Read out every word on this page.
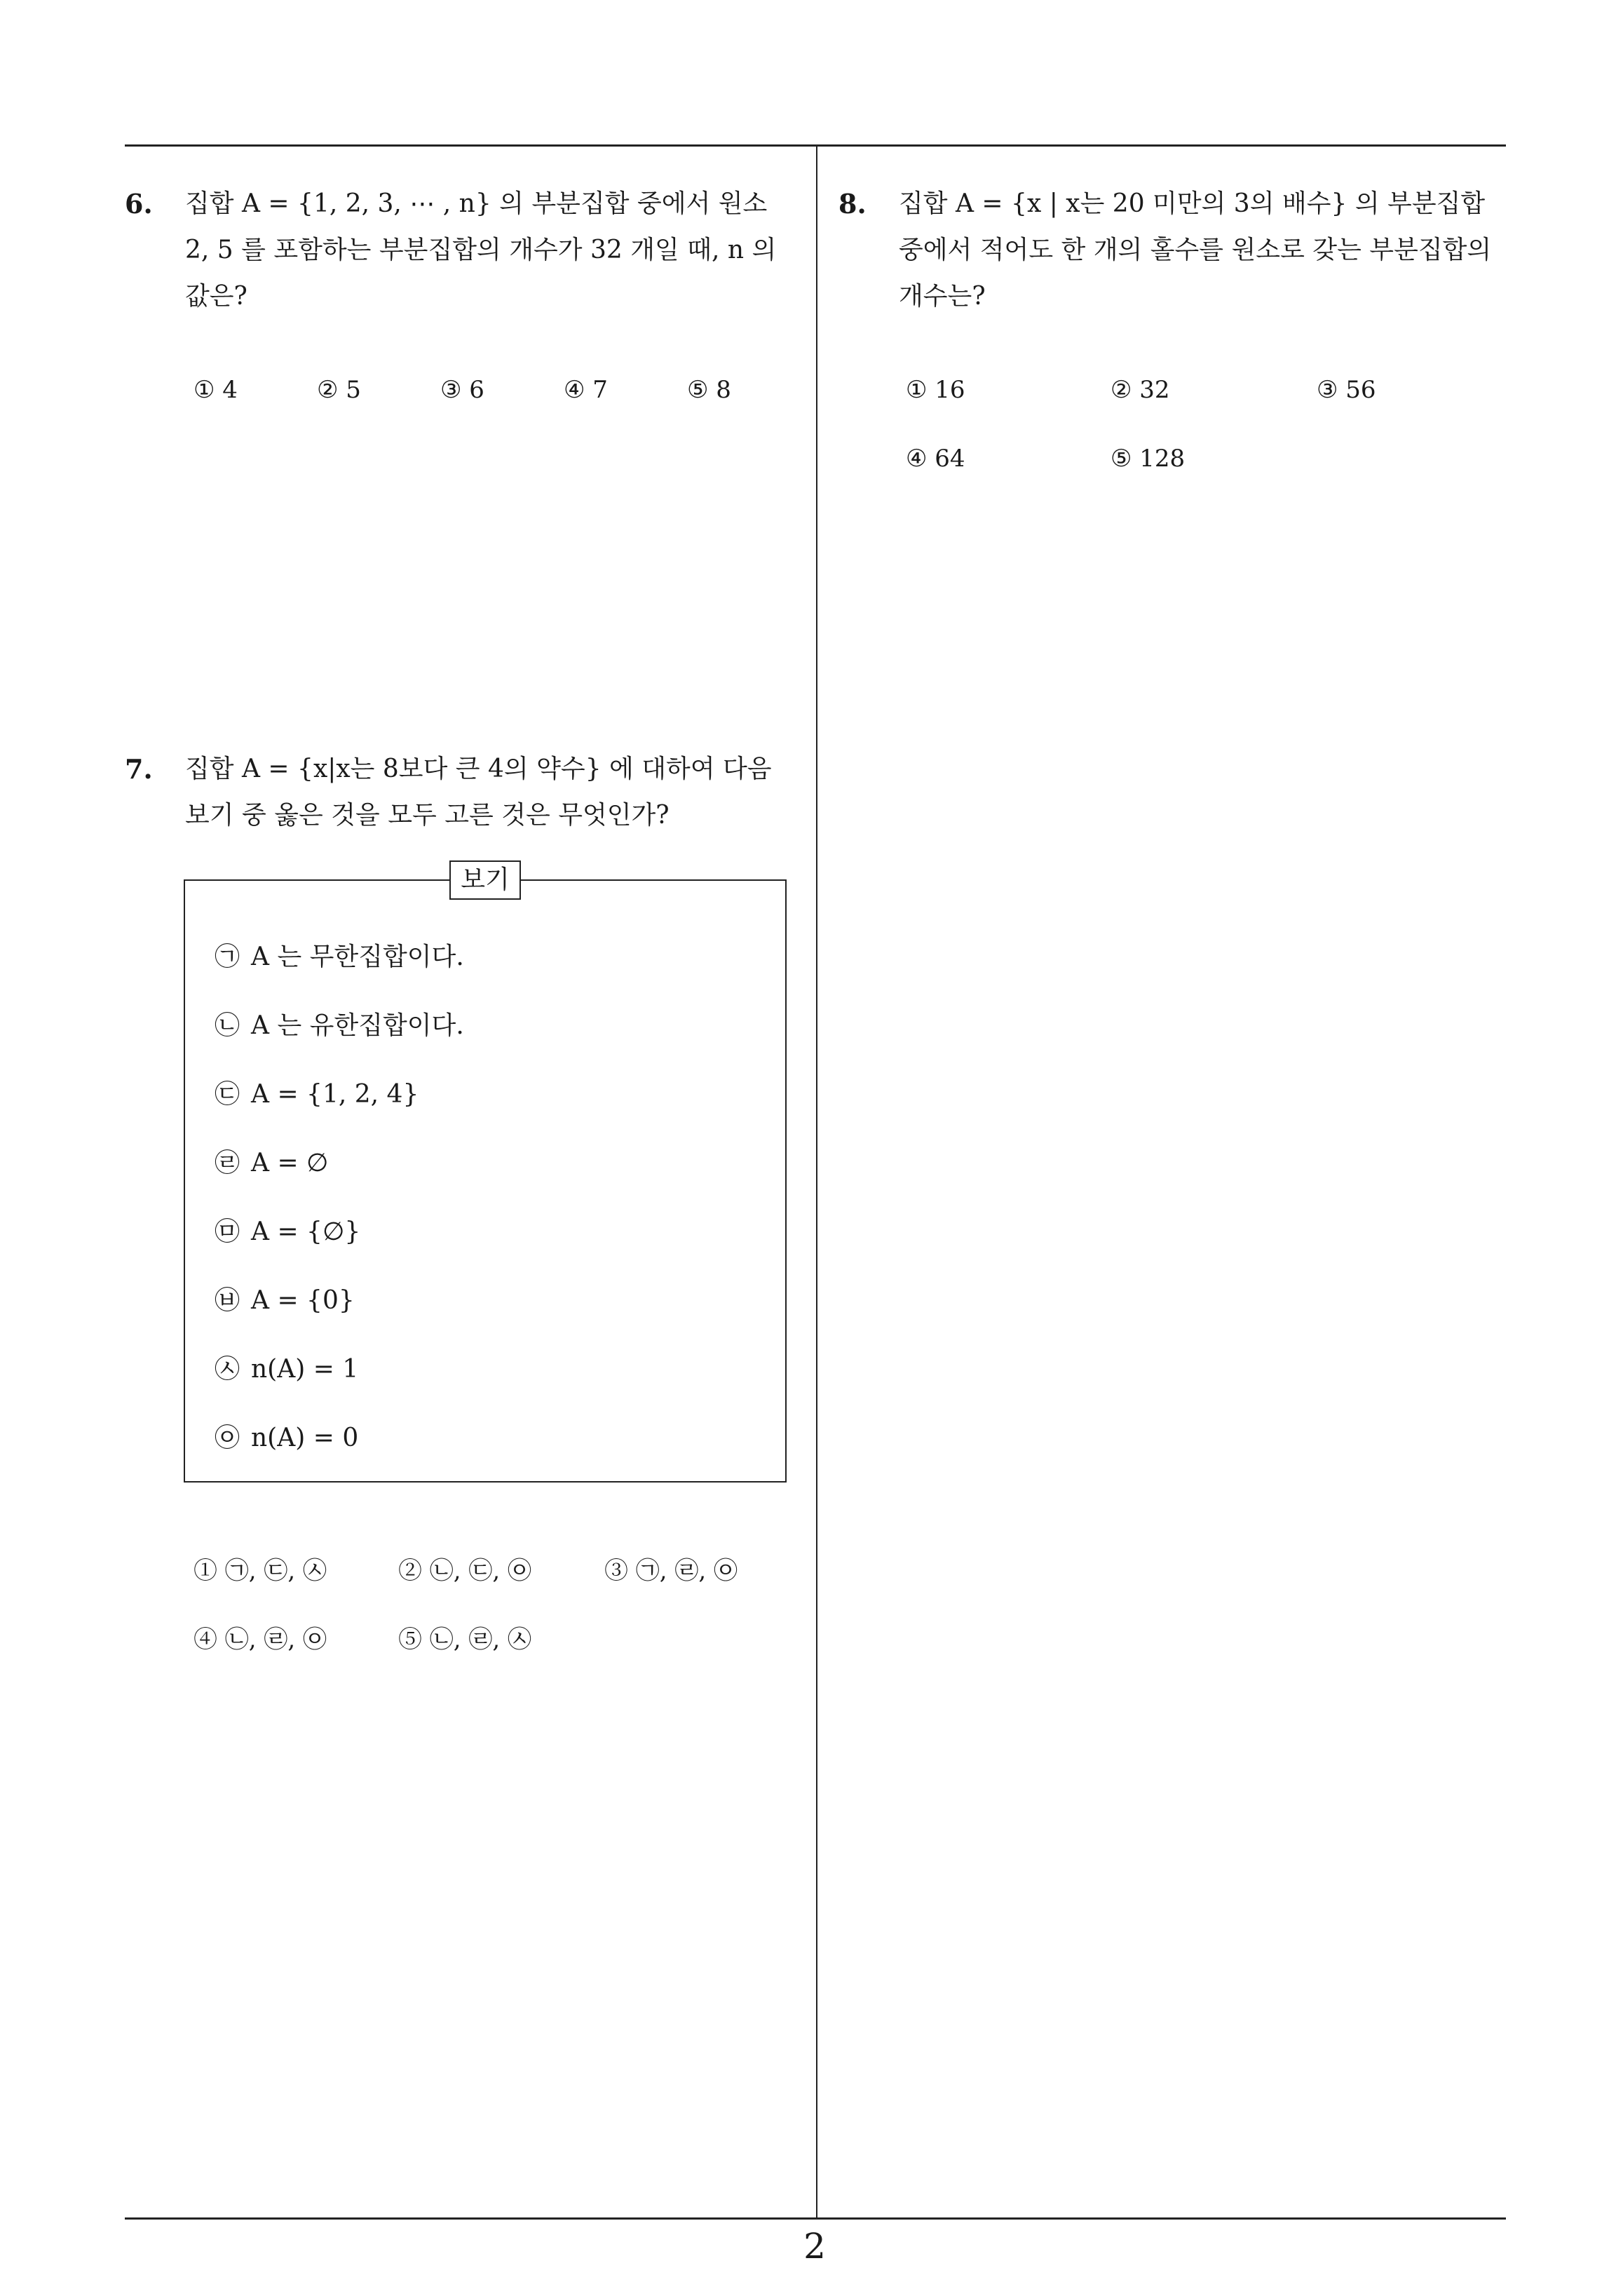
6. 집합 A = {1, 2, 3, ⋯ , n} 의 부분집합 중에서 원소
2, 5 를 포함하는 부분집합의 개수가 32 개일 때, n 의
값은?
① 4	② 5	③ 6	④ 7	⑤ 8
7. 집합 A = {x|x는 8보다 큰 4의 약수} 에 대하여 다음
보기 중 옳은 것을 모두 고른 것은 무엇인가?
보기
㉠ A 는 무한집합이다.
㉡ A 는 유한집합이다.
㉢ A = {1, 2, 4}
㉣ A = ∅
㉤ A = {∅}
㉥ A = {0}
㉦ n(A) = 1
㉧ n(A) = 0
① ㉠, ㉢, ㉦	② ㉡, ㉢, ㉧	③ ㉠, ㉣, ㉧
④ ㉡, ㉣, ㉧	⑤ ㉡, ㉣, ㉦
8. 집합 A = {x | x는 20 미만의 3의 배수} 의 부분집합
중에서 적어도 한 개의 홀수를 원소로 갖는 부분집합의
개수는?
① 16	② 32	③ 56
④ 64	⑤ 128
2
